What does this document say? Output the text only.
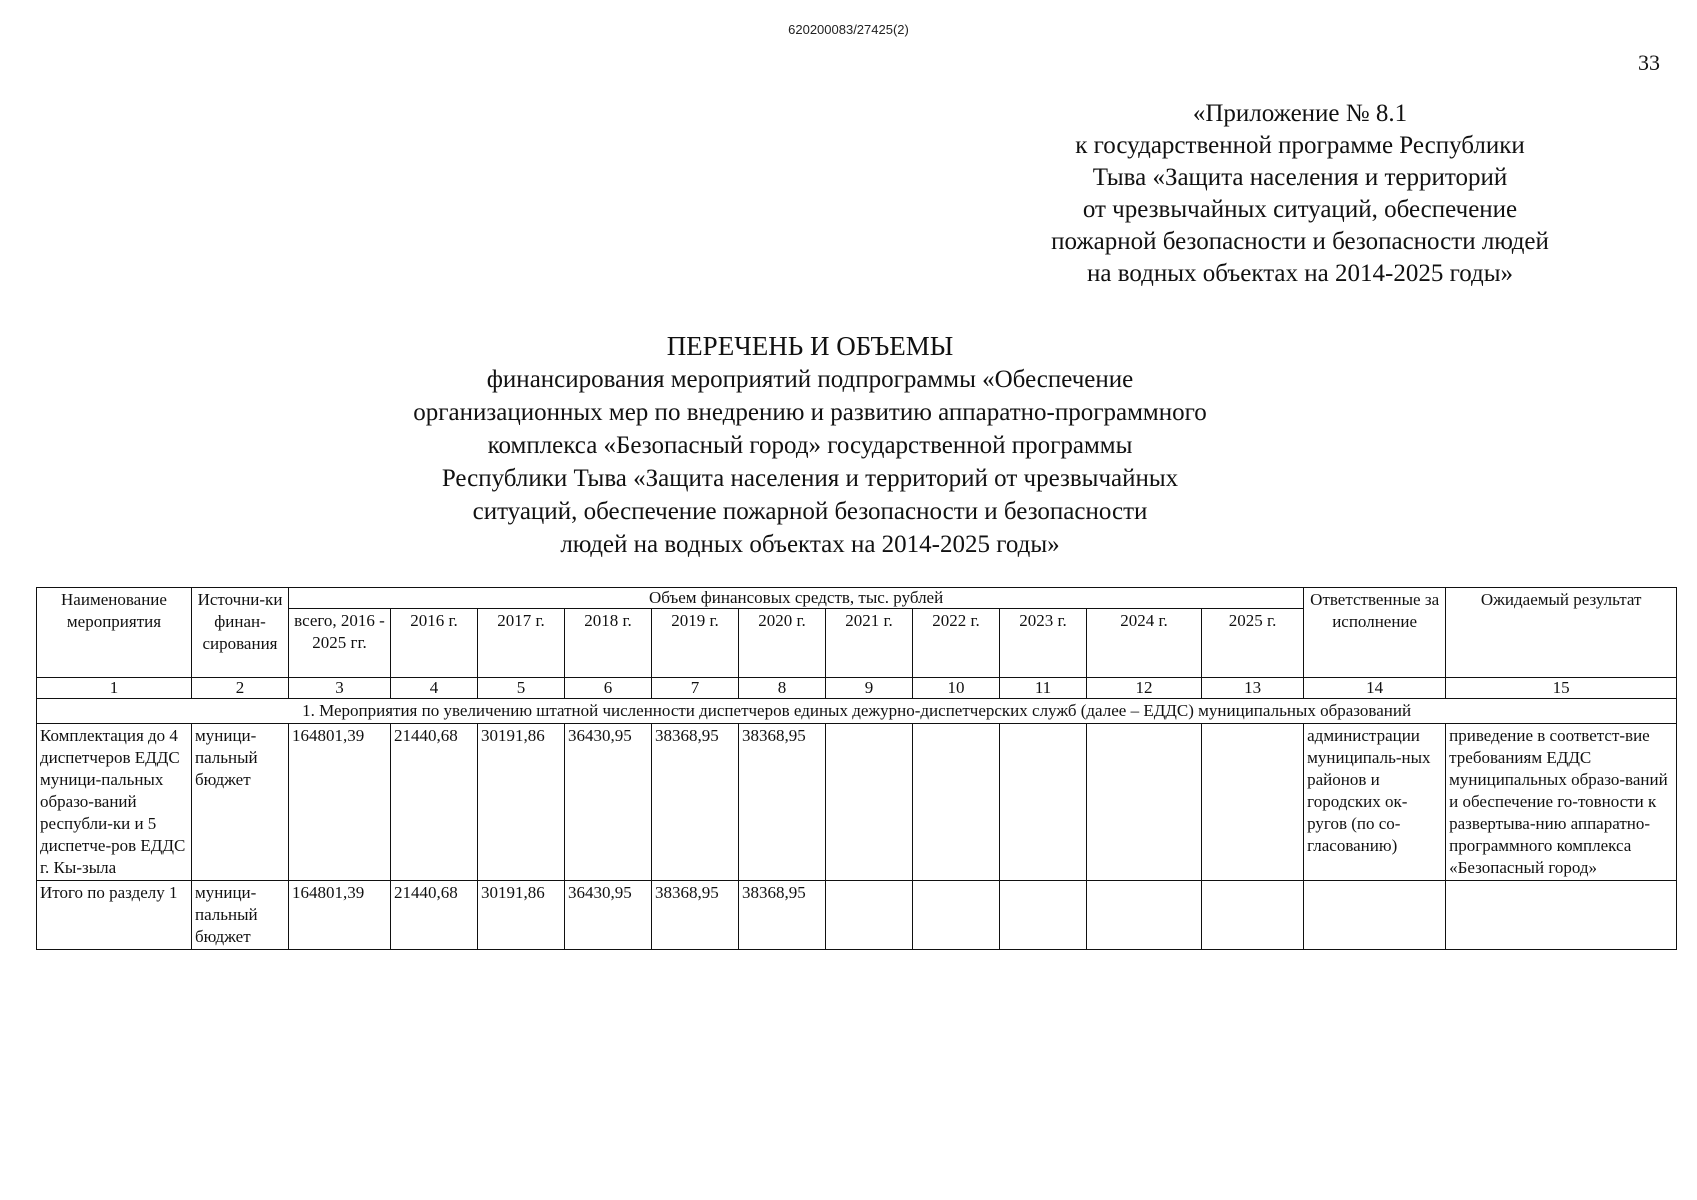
620200083/27425(2)
33
«Приложение № 8.1
к государственной программе Республики
Тыва «Защита населения и территорий
от чрезвычайных ситуаций, обеспечение
пожарной безопасности и безопасности людей
на водных объектах на 2014-2025 годы»
ПЕРЕЧЕНЬ И ОБЪЕМЫ
финансирования мероприятий подпрограммы «Обеспечение
организационных мер по внедрению и развитию аппаратно-программного
комплекса «Безопасный город» государственной программы
Республики Тыва «Защита населения и территорий от чрезвычайных
ситуаций, обеспечение пожарной безопасности и безопасности
людей на водных объектах на 2014-2025 годы»
Наименование мероприятия	Источни-ки финан-сирования	Объем финансовых средств, тыс. рублей											Ответственные за исполнение	Ожидаемый результат
		всего, 2016 - 2025 гг.	2016 г.	2017 г.	2018 г.	2019 г.	2020 г.	2021 г.	2022 г.	2023 г.	2024 г.	2025 г.		
1	2	3	4	5	6	7	8	9	10	11	12	13	14	15
1. Мероприятия по увеличению штатной численности диспетчеров единых дежурно-диспетчерских служб (далее – ЕДДС) муниципальных образований														
Комплектация до 4 диспетчеров ЕДДС муници-пальных образо-ваний республи-ки и 5 диспетче-ров ЕДДС г. Кы-зыла	муници-пальный бюджет	164801,39	21440,68	30191,86	36430,95	38368,95	38368,95						администрации муниципаль-ных районов и городских ок-ругов (по со-гласованию)	приведение в соответст-вие требованиям ЕДДС муниципальных образо-ваний и обеспечение го-товности к развертыва-нию аппаратно-программного комплекса «Безопасный город»
Итого по разделу 1	муници-пальный бюджет	164801,39	21440,68	30191,86	36430,95	38368,95	38368,95							
